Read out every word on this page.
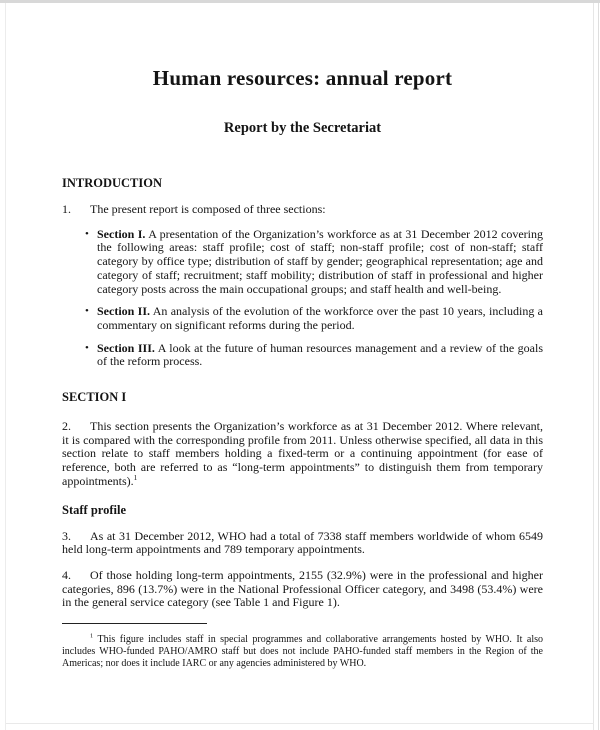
Human resources: annual report
Report by the Secretariat
INTRODUCTION

1. The present report is composed of three sections:

• Section I. A presentation of the Organization’s workforce as at 31 December 2012 covering the following areas: staff profile; cost of staff; non-staff profile; cost of non-staff; staff category by office type; distribution of staff by gender; geographical representation; age and category of staff; recruitment; staff mobility; distribution of staff in professional and higher category posts across the main occupational groups; and staff health and well-being.
• Section II. An analysis of the evolution of the workforce over the past 10 years, including a commentary on significant reforms during the period.
• Section III. A look at the future of human resources management and a review of the goals of the reform process.
SECTION I

2. This section presents the Organization’s workforce as at 31 December 2012. Where relevant, it is compared with the corresponding profile from 2011. Unless otherwise specified, all data in this section relate to staff members holding a fixed-term or a continuing appointment (for ease of reference, both are referred to as “long-term appointments” to distinguish them from temporary appointments).$^1$

Staff profile

3. As at 31 December 2012, WHO had a total of 7338 staff members worldwide of whom 6549 held long-term appointments and 789 temporary appointments.

4. Of those holding long-term appointments, 2155 (32.9%) were in the professional and higher categories, 896 (13.7%) were in the National Professional Officer category, and 3498 (53.4%) were in the general service category (see Table 1 and Figure 1).

$^1$ This figure includes staff in special programmes and collaborative arrangements hosted by WHO. It also includes WHO-funded PAHO/AMRO staff but does not include PAHO-funded staff members in the Region of the Americas; nor does it include IARC or any agencies administered by WHO.
